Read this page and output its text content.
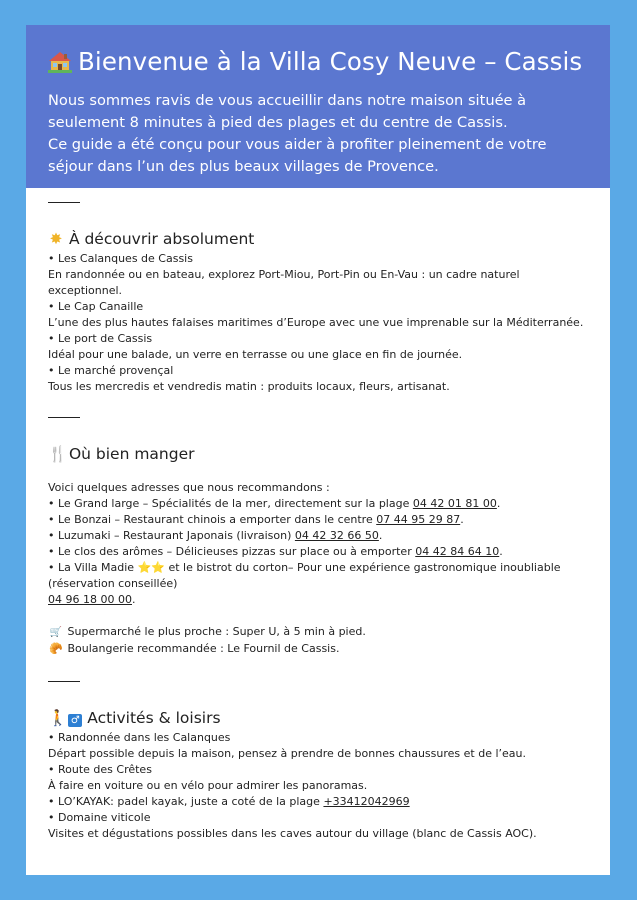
Bienvenue à la Villa Cosy Neuve – Cassis

Nous sommes ravis de vous accueillir dans notre maison située à
seulement 8 minutes à pied des plages et du centre de Cassis.
Ce guide a été conçu pour vous aider à profiter pleinement de votre
séjour dans l’un des plus beaux villages de Provence.

✸ À découvrir absolument
• Les Calanques de Cassis
En randonnée ou en bateau, explorez Port-Miou, Port-Pin ou En-Vau : un cadre naturel exceptionnel.
• Le Cap Canaille
L’une des plus hautes falaises maritimes d’Europe avec une vue imprenable sur la Méditerranée.
• Le port de Cassis
Idéal pour une balade, un verre en terrasse ou une glace en fin de journée.
• Le marché provençal
Tous les mercredis et vendredis matin : produits locaux, fleurs, artisanat.
🍴 Où bien manger
Voici quelques adresses que nous recommandons :
• Le Grand large – Spécialités de la mer, directement sur la plage 04 42 01 81 00.
• Le Bonzai – Restaurant chinois a emporter dans le centre 07 44 95 29 87.
• Luzumaki – Restaurant Japonais (livraison) 04 42 32 66 50.
• Le clos des arômes – Délicieuses pizzas sur place ou à emporter 04 42 84 64 10.
• La Villa Madie ⭐⭐ et le bistrot du corton– Pour une expérience gastronomique inoubliable (réservation conseillée)
04 96 18 00 00.
🛒 Supermarché le plus proche : Super U, à 5 min à pied.
🥐 Boulangerie recommandée : Le Fournil de Cassis.
🚶 ♂ Activités & loisirs
• Randonnée dans les Calanques
Départ possible depuis la maison, pensez à prendre de bonnes chaussures et de l’eau.
• Route des Crêtes
À faire en voiture ou en vélo pour admirer les panoramas.
• LO’KAYAK: padel kayak, juste a coté de la plage +33412042969
• Domaine viticole
Visites et dégustations possibles dans les caves autour du village (blanc de Cassis AOC).
